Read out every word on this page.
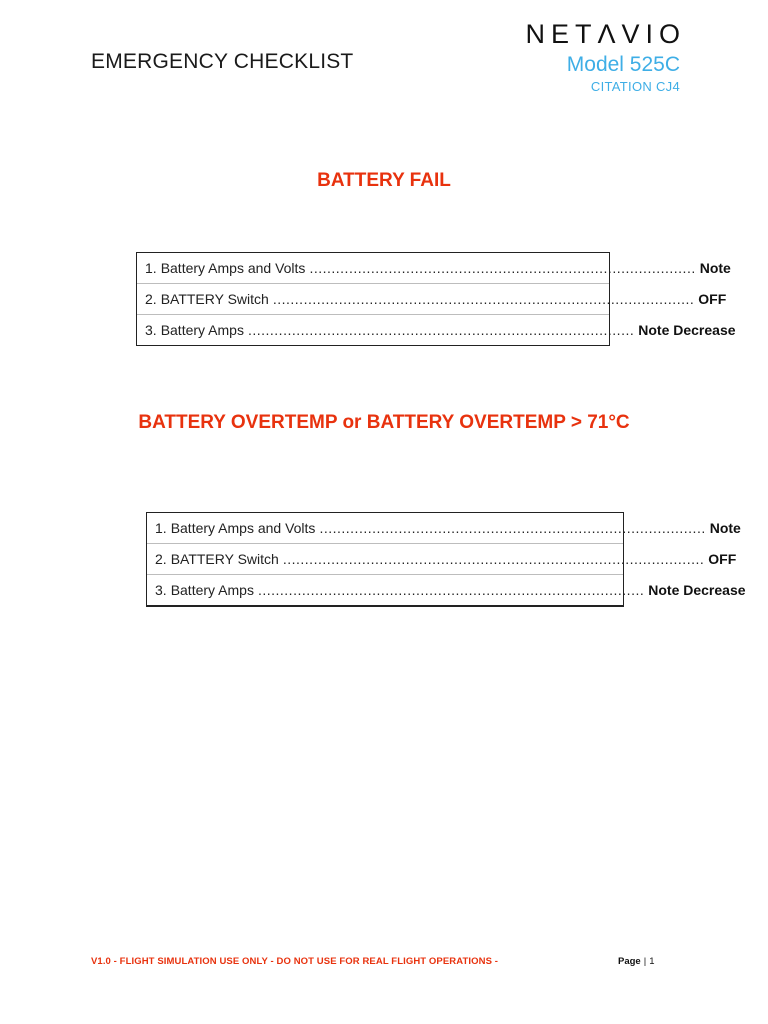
EMERGENCY CHECKLIST
NETΛVIO
Model 525C
CITATION CJ4
BATTERY FAIL
1. Battery Amps and Volts ........................................................................................ Note
2. BATTERY Switch ................................................................................................ OFF
3. Battery Amps ........................................................................................ Note Decrease
BATTERY OVERTEMP or BATTERY OVERTEMP > 71°C
1. Battery Amps and Volts ........................................................................................ Note
2. BATTERY Switch ................................................................................................ OFF
3. Battery Amps ........................................................................................ Note Decrease
V1.0 - FLIGHT SIMULATION USE ONLY - DO NOT USE FOR REAL FLIGHT OPERATIONS -	Page | 1
